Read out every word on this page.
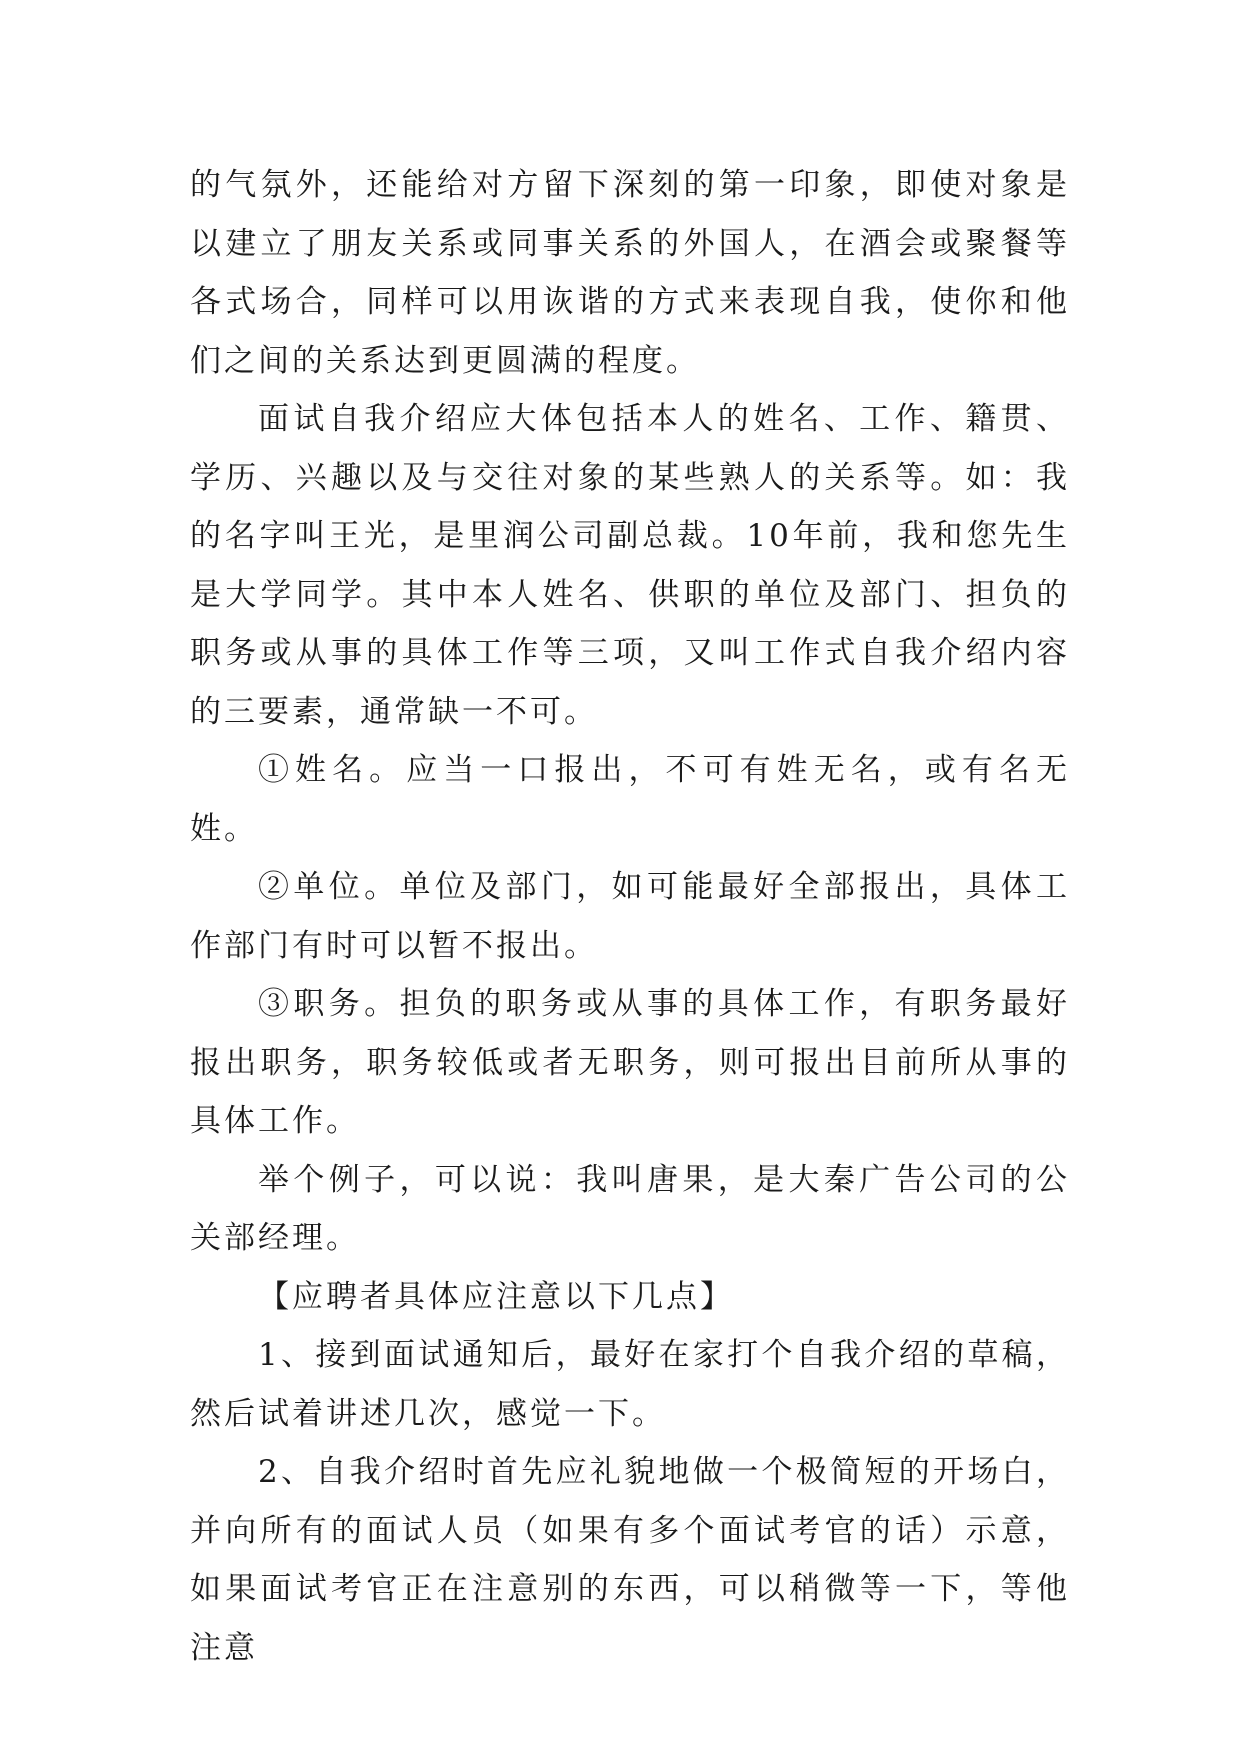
的气氛外，还能给对方留下深刻的第一印象，即使对象是以建立了朋友关系或同事关系的外国人，在酒会或聚餐等各式场合，同样可以用诙谐的方式来表现自我，使你和他们之间的关系达到更圆满的程度。

面试自我介绍应大体包括本人的姓名、工作、籍贯、学历、兴趣以及与交往对象的某些熟人的关系等。如：我的名字叫王光，是里润公司副总裁。10年前，我和您先生是大学同学。其中本人姓名、供职的单位及部门、担负的职务或从事的具体工作等三项，又叫工作式自我介绍内容的三要素，通常缺一不可。

①姓名。应当一口报出，不可有姓无名，或有名无姓。

②单位。单位及部门，如可能最好全部报出，具体工作部门有时可以暂不报出。

③职务。担负的职务或从事的具体工作，有职务最好报出职务，职务较低或者无职务，则可报出目前所从事的具体工作。

举个例子，可以说：我叫唐果，是大秦广告公司的公关部经理。

【应聘者具体应注意以下几点】

1、接到面试通知后，最好在家打个自我介绍的草稿，然后试着讲述几次，感觉一下。

2、自我介绍时首先应礼貌地做一个极简短的开场白，并向所有的面试人员（如果有多个面试考官的话）示意，如果面试考官正在注意别的东西，可以稍微等一下，等他注意
